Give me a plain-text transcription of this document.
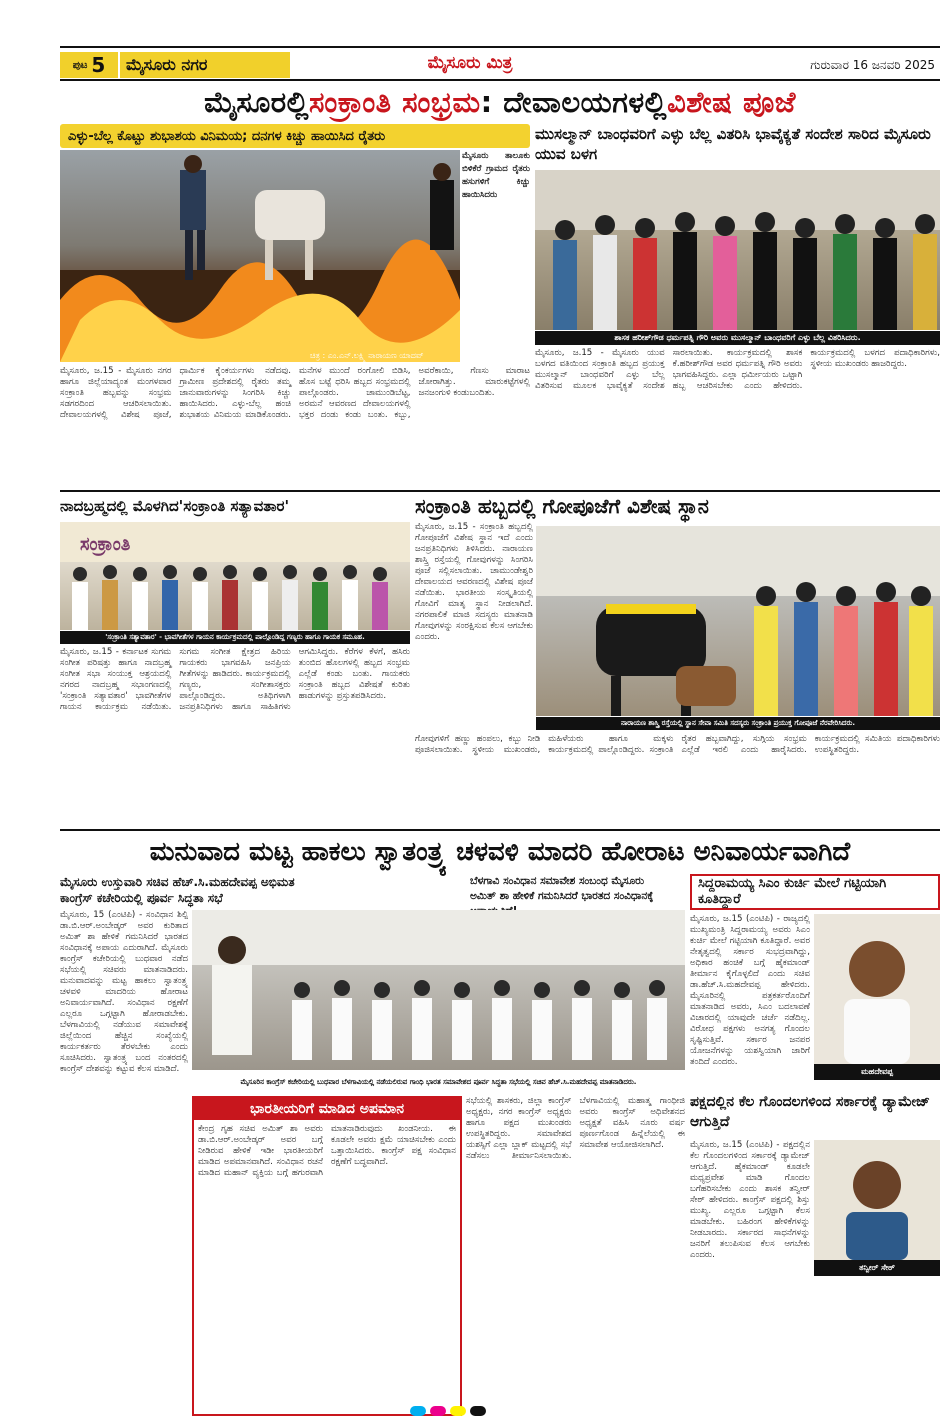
ಪುಟ 5	ಮೈಸೂರು ನಗರ	ಮೈಸೂರು ಮಿತ್ರ	ಗುರುವಾರ 16 ಜನವರಿ 2025
ಮೈಸೂರಲ್ಲಿ ಸಂಕ್ರಾಂತಿ ಸಂಭ್ರಮ : ದೇವಾಲಯಗಳಲ್ಲಿ ವಿಶೇಷ ಪೂಜೆ
ಎಳ್ಳು-ಬೆಲ್ಲ ಕೊಟ್ಟು ಶುಭಾಶಯ ವಿನಿಮಯ; ದನಗಳ ಕಿಚ್ಚು ಹಾಯಿಸಿದ ರೈತರು
ಚಿತ್ರ : ಎಂ.ಎನ್.ಲಕ್ಷ್ಮಿ ನಾರಾಯಣ ಯಾದವ್
ಮೈಸೂರು ತಾಲೂಕು ಬಿಳಿಕೆರೆ ಗ್ರಾಮದ ರೈತರು ಹಸುಗಳಿಗೆ ಕಿಚ್ಚು ಹಾಯಿಸಿದರು
ಮೈಸೂರು, ಜ.15 - ಮೈಸೂರು ನಗರ ಹಾಗೂ ಜಿಲ್ಲೆಯಾದ್ಯಂತ ಮಂಗಳವಾರ ಸಂಕ್ರಾಂತಿ ಹಬ್ಬವನ್ನು ಸಂಭ್ರಮ ಸಡಗರದಿಂದ ಆಚರಿಸಲಾಯಿತು. ದೇವಾಲಯಗಳಲ್ಲಿ ವಿಶೇಷ ಪೂಜೆ, ಧಾರ್ಮಿಕ ಕೈಂಕರ್ಯಗಳು ನಡೆದವು. ಗ್ರಾಮೀಣ ಪ್ರದೇಶದಲ್ಲಿ ರೈತರು ತಮ್ಮ ಜಾನುವಾರುಗಳನ್ನು ಸಿಂಗರಿಸಿ ಕಿಚ್ಚು ಹಾಯಿಸಿದರು. ಎಳ್ಳು-ಬೆಲ್ಲ ಹಂಚಿ ಶುಭಾಶಯ ವಿನಿಮಯ ಮಾಡಿಕೊಂಡರು. ಮನೆಗಳ ಮುಂದೆ ರಂಗೋಲಿ ಬಿಡಿಸಿ, ಹೊಸ ಬಟ್ಟೆ ಧರಿಸಿ ಹಬ್ಬದ ಸಂಭ್ರಮದಲ್ಲಿ ಪಾಲ್ಗೊಂಡರು. ಚಾಮುಂಡಿಬೆಟ್ಟ, ಅರಮನೆ ಆವರಣದ ದೇವಾಲಯಗಳಲ್ಲಿ ಭಕ್ತರ ದಂಡು ಕಂಡು ಬಂತು. ಕಬ್ಬು, ಅವರೆಕಾಯಿ, ಗೆಣಸು ಮಾರಾಟ ಜೋರಾಗಿತ್ತು. ಮಾರುಕಟ್ಟೆಗಳಲ್ಲಿ ಜನಜಂಗುಳಿ ಕಂಡುಬಂದಿತು.
ಮುಸಲ್ಮಾನ್ ಬಾಂಧವರಿಗೆ ಎಳ್ಳು ಬೆಲ್ಲ ವಿತರಿಸಿ ಭಾವೈಕ್ಯತೆ ಸಂದೇಶ ಸಾರಿದ ಮೈಸೂರು ಯುವ ಬಳಗ
ಶಾಸಕ ಹರೀಶ್‌ಗೌಡ ಧರ್ಮಪತ್ನಿ ಗೌರಿ ಅವರು ಮುಸಲ್ಮಾನ್ ಬಾಂಧವರಿಗೆ ಎಳ್ಳು ಬೆಲ್ಲ ವಿತರಿಸಿದರು.
ಮೈಸೂರು, ಜ.15 - ಮೈಸೂರು ಯುವ ಬಳಗದ ವತಿಯಿಂದ ಸಂಕ್ರಾಂತಿ ಹಬ್ಬದ ಪ್ರಯುಕ್ತ ಮುಸಲ್ಮಾನ್ ಬಾಂಧವರಿಗೆ ಎಳ್ಳು ಬೆಲ್ಲ ವಿತರಿಸುವ ಮೂಲಕ ಭಾವೈಕ್ಯತೆ ಸಂದೇಶ ಸಾರಲಾಯಿತು. ಕಾರ್ಯಕ್ರಮದಲ್ಲಿ ಶಾಸಕ ಕೆ.ಹರೀಶ್‌ಗೌಡ ಅವರ ಧರ್ಮಪತ್ನಿ ಗೌರಿ ಅವರು ಭಾಗವಹಿಸಿದ್ದರು. ಎಲ್ಲಾ ಧರ್ಮೀಯರು ಒಟ್ಟಾಗಿ ಹಬ್ಬ ಆಚರಿಸಬೇಕು ಎಂದು ಹೇಳಿದರು. ಕಾರ್ಯಕ್ರಮದಲ್ಲಿ ಬಳಗದ ಪದಾಧಿಕಾರಿಗಳು, ಸ್ಥಳೀಯ ಮುಖಂಡರು ಹಾಜರಿದ್ದರು.
ನಾದಬ್ರಹ್ಮದಲ್ಲಿ ಮೊಳಗಿದ 'ಸಂಕ್ರಾಂತಿ ಸತ್ಯಾವತಾರ'
ಸಂಕ್ರಾಂತಿ
'ಸಂಕ್ರಾಂತಿ ಸತ್ಯಾವತಾರ' - ಭಾವಗೀತೆಗಳ ಗಾಯನ ಕಾರ್ಯಕ್ರಮದಲ್ಲಿ ಪಾಲ್ಗೊಂಡಿದ್ದ ಗಣ್ಯರು ಹಾಗೂ ಗಾಯಕ ಸಮೂಹ.
ಮೈಸೂರು, ಜ.15 - ಕರ್ನಾಟಕ ಸುಗಮ ಸಂಗೀತ ಪರಿಷತ್ತು ಹಾಗೂ ನಾದಬ್ರಹ್ಮ ಸಂಗೀತ ಸಭಾ ಸಂಯುಕ್ತ ಆಶ್ರಯದಲ್ಲಿ ನಗರದ ನಾದಬ್ರಹ್ಮ ಸಭಾಂಗಣದಲ್ಲಿ 'ಸಂಕ್ರಾಂತಿ ಸತ್ಯಾವತಾರ' ಭಾವಗೀತೆಗಳ ಗಾಯನ ಕಾರ್ಯಕ್ರಮ ನಡೆಯಿತು. ಸುಗಮ ಸಂಗೀತ ಕ್ಷೇತ್ರದ ಹಿರಿಯ ಗಾಯಕರು ಭಾಗವಹಿಸಿ ಜನಪ್ರಿಯ ಗೀತೆಗಳನ್ನು ಹಾಡಿದರು. ಕಾರ್ಯಕ್ರಮದಲ್ಲಿ ಗಣ್ಯರು, ಸಂಗೀತಾಸಕ್ತರು ಪಾಲ್ಗೊಂಡಿದ್ದರು. ಅತಿಥಿಗಳಾಗಿ ಜನಪ್ರತಿನಿಧಿಗಳು ಹಾಗೂ ಸಾಹಿತಿಗಳು ಆಗಮಿಸಿದ್ದರು. ಕೆರೆಗಳ ಕೆಳಗೆ, ಹಸಿರು ತುಂಬಿದ ಹೊಲಗಳಲ್ಲಿ ಹಬ್ಬದ ಸಂಭ್ರಮ ಎಲ್ಲೆಡೆ ಕಂಡು ಬಂತು. ಗಾಯಕರು ಸಂಕ್ರಾಂತಿ ಹಬ್ಬದ ವಿಶೇಷತೆ ಕುರಿತು ಹಾಡುಗಳನ್ನು ಪ್ರಸ್ತುತಪಡಿಸಿದರು.
ಸಂಕ್ರಾಂತಿ ಹಬ್ಬದಲ್ಲಿ ಗೋಪೂಜೆಗೆ ವಿಶೇಷ ಸ್ಥಾನ
ಮೈಸೂರು, ಜ.15 - ಸಂಕ್ರಾಂತಿ ಹಬ್ಬದಲ್ಲಿ ಗೋಪೂಜೆಗೆ ವಿಶೇಷ ಸ್ಥಾನ ಇದೆ ಎಂದು ಜನಪ್ರತಿನಿಧಿಗಳು ತಿಳಿಸಿದರು. ನಾರಾಯಣ ಶಾಸ್ತ್ರಿ ರಸ್ತೆಯಲ್ಲಿ ಗೋವುಗಳನ್ನು ಸಿಂಗರಿಸಿ ಪೂಜೆ ಸಲ್ಲಿಸಲಾಯಿತು. ಚಾಮುಂಡೇಶ್ವರಿ ದೇವಾಲಯದ ಆವರಣದಲ್ಲಿ ವಿಶೇಷ ಪೂಜೆ ನಡೆಯಿತು. ಭಾರತೀಯ ಸಂಸ್ಕೃತಿಯಲ್ಲಿ ಗೋವಿಗೆ ಮಾತೃ ಸ್ಥಾನ ನೀಡಲಾಗಿದೆ. ನಗರಪಾಲಿಕೆ ಮಾಜಿ ಸದಸ್ಯರು ಮಾತನಾಡಿ ಗೋವುಗಳನ್ನು ಸಂರಕ್ಷಿಸುವ ಕೆಲಸ ಆಗಬೇಕು ಎಂದರು.
ನಾರಾಯಣ ಶಾಸ್ತ್ರಿ ರಸ್ತೆಯಲ್ಲಿ ಸ್ಥಾನ ಸೇವಾ ಸಮಿತಿ ಸದಸ್ಯರು ಸಂಕ್ರಾಂತಿ ಪ್ರಯುಕ್ತ ಗೋಪೂಜೆ ನೆರವೇರಿಸಿದರು.
ಗೋವುಗಳಿಗೆ ಹಣ್ಣು ಹಂಪಲು, ಕಬ್ಬು ನೀಡಿ ಪೂಜಿಸಲಾಯಿತು. ಸ್ಥಳೀಯ ಮುಖಂಡರು, ಮಹಿಳೆಯರು ಹಾಗೂ ಮಕ್ಕಳು ಕಾರ್ಯಕ್ರಮದಲ್ಲಿ ಪಾಲ್ಗೊಂಡಿದ್ದರು. ಸಂಕ್ರಾಂತಿ ರೈತರ ಹಬ್ಬವಾಗಿದ್ದು, ಸುಗ್ಗಿಯ ಸಂಭ್ರಮ ಎಲ್ಲೆಡೆ ಇರಲಿ ಎಂದು ಹಾರೈಸಿದರು. ಕಾರ್ಯಕ್ರಮದಲ್ಲಿ ಸಮಿತಿಯ ಪದಾಧಿಕಾರಿಗಳು ಉಪಸ್ಥಿತರಿದ್ದರು.
ಮನುವಾದ ಮಟ್ಟ ಹಾಕಲು ಸ್ವಾತಂತ್ರ್ಯ ಚಳವಳಿ ಮಾದರಿ ಹೋರಾಟ ಅನಿವಾರ್ಯವಾಗಿದೆ
ಮೈಸೂರು ಉಸ್ತುವಾರಿ ಸಚಿವ ಹೆಚ್.ಸಿ.ಮಹದೇವಪ್ಪ ಅಭಿಮತ
ಕಾಂಗ್ರೆಸ್ ಕಚೇರಿಯಲ್ಲಿ ಪೂರ್ವ ಸಿದ್ಧತಾ ಸಭೆ
ಬೆಳಗಾವಿ ಸಂವಿಧಾನ ಸಮಾವೇಶ ಸಂಬಂಧ ಮೈಸೂರು
ಅಮಿತ್ ಶಾ ಹೇಳಿಕೆ ಗಮನಿಸಿದರೆ ಭಾರತದ ಸಂವಿಧಾನಕ್ಕೆ
ಮೈಸೂರು, 15 (ಎಂಟಿಪಿ) - ಸಂವಿಧಾನ ಶಿಲ್ಪಿ ಡಾ.ಬಿ.ಆರ್.ಅಂಬೇಡ್ಕರ್ ಅವರ ಕುರಿತಾದ ಅಮಿತ್ ಶಾ ಹೇಳಿಕೆ ಗಮನಿಸಿದರೆ ಭಾರತದ ಸಂವಿಧಾನಕ್ಕೆ ಅಪಾಯ ಎದುರಾಗಿದೆ. ಮೈಸೂರು ಕಾಂಗ್ರೆಸ್ ಕಚೇರಿಯಲ್ಲಿ ಬುಧವಾರ ನಡೆದ ಸಭೆಯಲ್ಲಿ ಸಚಿವರು ಮಾತನಾಡಿದರು. ಮನುವಾದವನ್ನು ಮಟ್ಟ ಹಾಕಲು ಸ್ವಾತಂತ್ರ್ಯ ಚಳವಳಿ ಮಾದರಿಯ ಹೋರಾಟ ಅನಿವಾರ್ಯವಾಗಿದೆ. ಸಂವಿಧಾನ ರಕ್ಷಣೆಗೆ ಎಲ್ಲರೂ ಒಗ್ಗಟ್ಟಾಗಿ ಹೋರಾಡಬೇಕು. ಬೆಳಗಾವಿಯಲ್ಲಿ ನಡೆಯುವ ಸಮಾವೇಶಕ್ಕೆ ಜಿಲ್ಲೆಯಿಂದ ಹೆಚ್ಚಿನ ಸಂಖ್ಯೆಯಲ್ಲಿ ಕಾರ್ಯಕರ್ತರು ತೆರಳಬೇಕು ಎಂದು ಸೂಚಿಸಿದರು. ಸ್ವಾತಂತ್ರ್ಯ ಬಂದ ನಂತರದಲ್ಲಿ ಕಾಂಗ್ರೆಸ್ ದೇಶವನ್ನು ಕಟ್ಟುವ ಕೆಲಸ ಮಾಡಿದೆ.
ಮೈಸೂರಿನ ಕಾಂಗ್ರೆಸ್ ಕಚೇರಿಯಲ್ಲಿ ಬುಧವಾರ ಬೆಳಗಾವಿಯಲ್ಲಿ ನಡೆಯಲಿರುವ ಗಾಂಧಿ ಭಾರತ ಸಮಾವೇಶದ ಪೂರ್ವ ಸಿದ್ಧತಾ ಸಭೆಯಲ್ಲಿ ಸಚಿವ ಹೆಚ್.ಸಿ.ಮಹದೇವಪ್ಪ ಮಾತನಾಡಿದರು.
ಭಾರತೀಯರಿಗೆ ಮಾಡಿದ ಅಪಮಾನ
ಕೇಂದ್ರ ಗೃಹ ಸಚಿವ ಅಮಿತ್ ಶಾ ಅವರು ಡಾ.ಬಿ.ಆರ್.ಅಂಬೇಡ್ಕರ್ ಅವರ ಬಗ್ಗೆ ನೀಡಿರುವ ಹೇಳಿಕೆ ಇಡೀ ಭಾರತೀಯರಿಗೆ ಮಾಡಿದ ಅಪಮಾನವಾಗಿದೆ. ಸಂವಿಧಾನ ರಚನೆ ಮಾಡಿದ ಮಹಾನ್ ವ್ಯಕ್ತಿಯ ಬಗ್ಗೆ ಹಗುರವಾಗಿ ಮಾತನಾಡಿರುವುದು ಖಂಡನೀಯ. ಈ ಕೂಡಲೇ ಅವರು ಕ್ಷಮೆ ಯಾಚಿಸಬೇಕು ಎಂದು ಒತ್ತಾಯಿಸಿದರು. ಕಾಂಗ್ರೆಸ್ ಪಕ್ಷ ಸಂವಿಧಾನ ರಕ್ಷಣೆಗೆ ಬದ್ಧವಾಗಿದೆ.
ಸಭೆಯಲ್ಲಿ ಶಾಸಕರು, ಜಿಲ್ಲಾ ಕಾಂಗ್ರೆಸ್ ಅಧ್ಯಕ್ಷರು, ನಗರ ಕಾಂಗ್ರೆಸ್ ಅಧ್ಯಕ್ಷರು ಹಾಗೂ ಪಕ್ಷದ ಮುಖಂಡರು ಉಪಸ್ಥಿತರಿದ್ದರು. ಸಮಾವೇಶದ ಯಶಸ್ಸಿಗೆ ಎಲ್ಲಾ ಬ್ಲಾಕ್ ಮಟ್ಟದಲ್ಲಿ ಸಭೆ ನಡೆಸಲು ತೀರ್ಮಾನಿಸಲಾಯಿತು. ಬೆಳಗಾವಿಯಲ್ಲಿ ಮಹಾತ್ಮ ಗಾಂಧೀಜಿ ಅವರು ಕಾಂಗ್ರೆಸ್ ಅಧಿವೇಶನದ ಅಧ್ಯಕ್ಷತೆ ವಹಿಸಿ ನೂರು ವರ್ಷ ಪೂರ್ಣಗೊಂಡ ಹಿನ್ನೆಲೆಯಲ್ಲಿ ಈ ಸಮಾವೇಶ ಆಯೋಜಿಸಲಾಗಿದೆ.
ಸಿದ್ದರಾಮಯ್ಯ ಸಿಎಂ ಕುರ್ಚಿ ಮೇಲೆ ಗಟ್ಟಿಯಾಗಿ ಕೂತಿದ್ದಾರೆ
ಮೈಸೂರು, ಜ.15 (ಎಂಟಿಪಿ) - ರಾಜ್ಯದಲ್ಲಿ ಮುಖ್ಯಮಂತ್ರಿ ಸಿದ್ದರಾಮಯ್ಯ ಅವರು ಸಿಎಂ ಕುರ್ಚಿ ಮೇಲೆ ಗಟ್ಟಿಯಾಗಿ ಕೂತಿದ್ದಾರೆ. ಅವರ ನೇತೃತ್ವದಲ್ಲಿ ಸರ್ಕಾರ ಸುಭದ್ರವಾಗಿದ್ದು, ಅಧಿಕಾರ ಹಂಚಿಕೆ ಬಗ್ಗೆ ಹೈಕಮಾಂಡ್ ತೀರ್ಮಾನ ಕೈಗೊಳ್ಳಲಿದೆ ಎಂದು ಸಚಿವ ಡಾ.ಹೆಚ್.ಸಿ.ಮಹದೇವಪ್ಪ ಹೇಳಿದರು. ಮೈಸೂರಿನಲ್ಲಿ ಪತ್ರಕರ್ತರೊಂದಿಗೆ ಮಾತನಾಡಿದ ಅವರು, ಸಿಎಂ ಬದಲಾವಣೆ ವಿಚಾರದಲ್ಲಿ ಯಾವುದೇ ಚರ್ಚೆ ನಡೆದಿಲ್ಲ. ವಿರೋಧ ಪಕ್ಷಗಳು ಅನಗತ್ಯ ಗೊಂದಲ ಸೃಷ್ಟಿಸುತ್ತಿವೆ. ಸರ್ಕಾರ ಜನಪರ ಯೋಜನೆಗಳನ್ನು ಯಶಸ್ವಿಯಾಗಿ ಜಾರಿಗೆ ತಂದಿದೆ ಎಂದರು.
ಮಹದೇವಪ್ಪ
ಪಕ್ಷದಲ್ಲಿನ ಕೆಲ ಗೊಂದಲಗಳಿಂದ ಸರ್ಕಾರಕ್ಕೆ ಡ್ಯಾಮೇಜ್ ಆಗುತ್ತಿದೆ
ಮೈಸೂರು, ಜ.15 (ಎಂಟಿಪಿ) - ಪಕ್ಷದಲ್ಲಿನ ಕೆಲ ಗೊಂದಲಗಳಿಂದ ಸರ್ಕಾರಕ್ಕೆ ಡ್ಯಾಮೇಜ್ ಆಗುತ್ತಿದೆ. ಹೈಕಮಾಂಡ್ ಕೂಡಲೇ ಮಧ್ಯಪ್ರವೇಶ ಮಾಡಿ ಗೊಂದಲ ಬಗೆಹರಿಸಬೇಕು ಎಂದು ಶಾಸಕ ತನ್ವೀರ್ ಸೇಠ್ ಹೇಳಿದರು. ಕಾಂಗ್ರೆಸ್ ಪಕ್ಷದಲ್ಲಿ ಶಿಸ್ತು ಮುಖ್ಯ. ಎಲ್ಲರೂ ಒಗ್ಗಟ್ಟಾಗಿ ಕೆಲಸ ಮಾಡಬೇಕು. ಬಹಿರಂಗ ಹೇಳಿಕೆಗಳನ್ನು ನೀಡಬಾರದು. ಸರ್ಕಾರದ ಸಾಧನೆಗಳನ್ನು ಜನರಿಗೆ ತಲುಪಿಸುವ ಕೆಲಸ ಆಗಬೇಕು ಎಂದರು.
ತನ್ವೀರ್ ಸೇಠ್
